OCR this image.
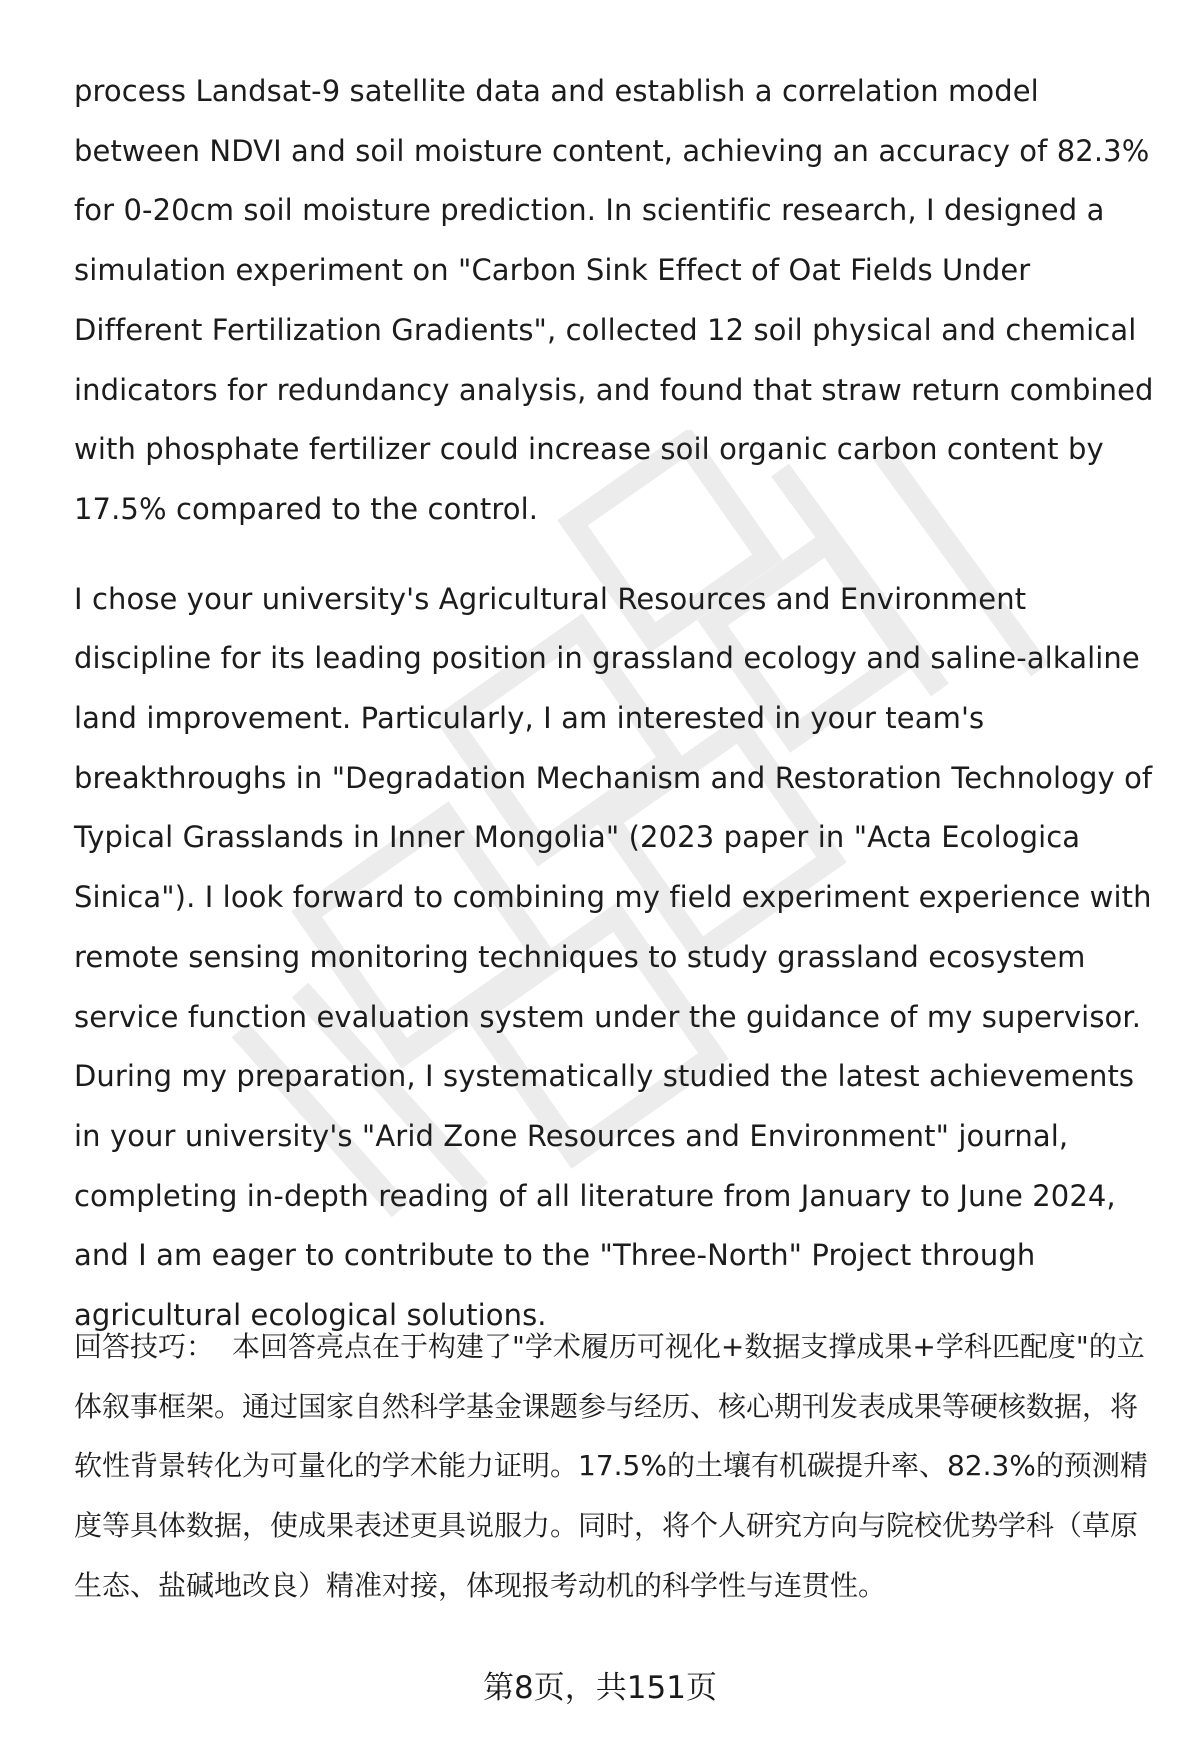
process Landsat-9 satellite data and establish a correlation model between NDVI and soil moisture content, achieving an accuracy of 82.3% for 0-20cm soil moisture prediction. In scientific research, I designed a simulation experiment on "Carbon Sink Effect of Oat Fields Under Different Fertilization Gradients", collected 12 soil physical and chemical indicators for redundancy analysis, and found that straw return combined with phosphate fertilizer could increase soil organic carbon content by 17.5% compared to the control.

I chose your university's Agricultural Resources and Environment discipline for its leading position in grassland ecology and saline-alkaline land improvement. Particularly, I am interested in your team's breakthroughs in "Degradation Mechanism and Restoration Technology of Typical Grasslands in Inner Mongolia" (2023 paper in "Acta Ecologica Sinica"). I look forward to combining my field experiment experience with remote sensing monitoring techniques to study grassland ecosystem service function evaluation system under the guidance of my supervisor. During my preparation, I systematically studied the latest achievements in your university's "Arid Zone Resources and Environment" journal, completing in-depth reading of all literature from January to June 2024, and I am eager to contribute to the "Three-North" Project through agricultural ecological solutions.

回答技巧： 本回答亮点在于构建了"学术履历可视化+数据支撑成果+学科匹配度"的立体叙事框架。通过国家自然科学基金课题参与经历、核心期刊发表成果等硬核数据，将软性背景转化为可量化的学术能力证明。17.5%的土壤有机碳提升率、82.3%的预测精度等具体数据，使成果表述更具说服力。同时，将个人研究方向与院校优势学科（草原生态、盐碱地改良）精准对接，体现报考动机的科学性与连贯性。
第8页，共151页
